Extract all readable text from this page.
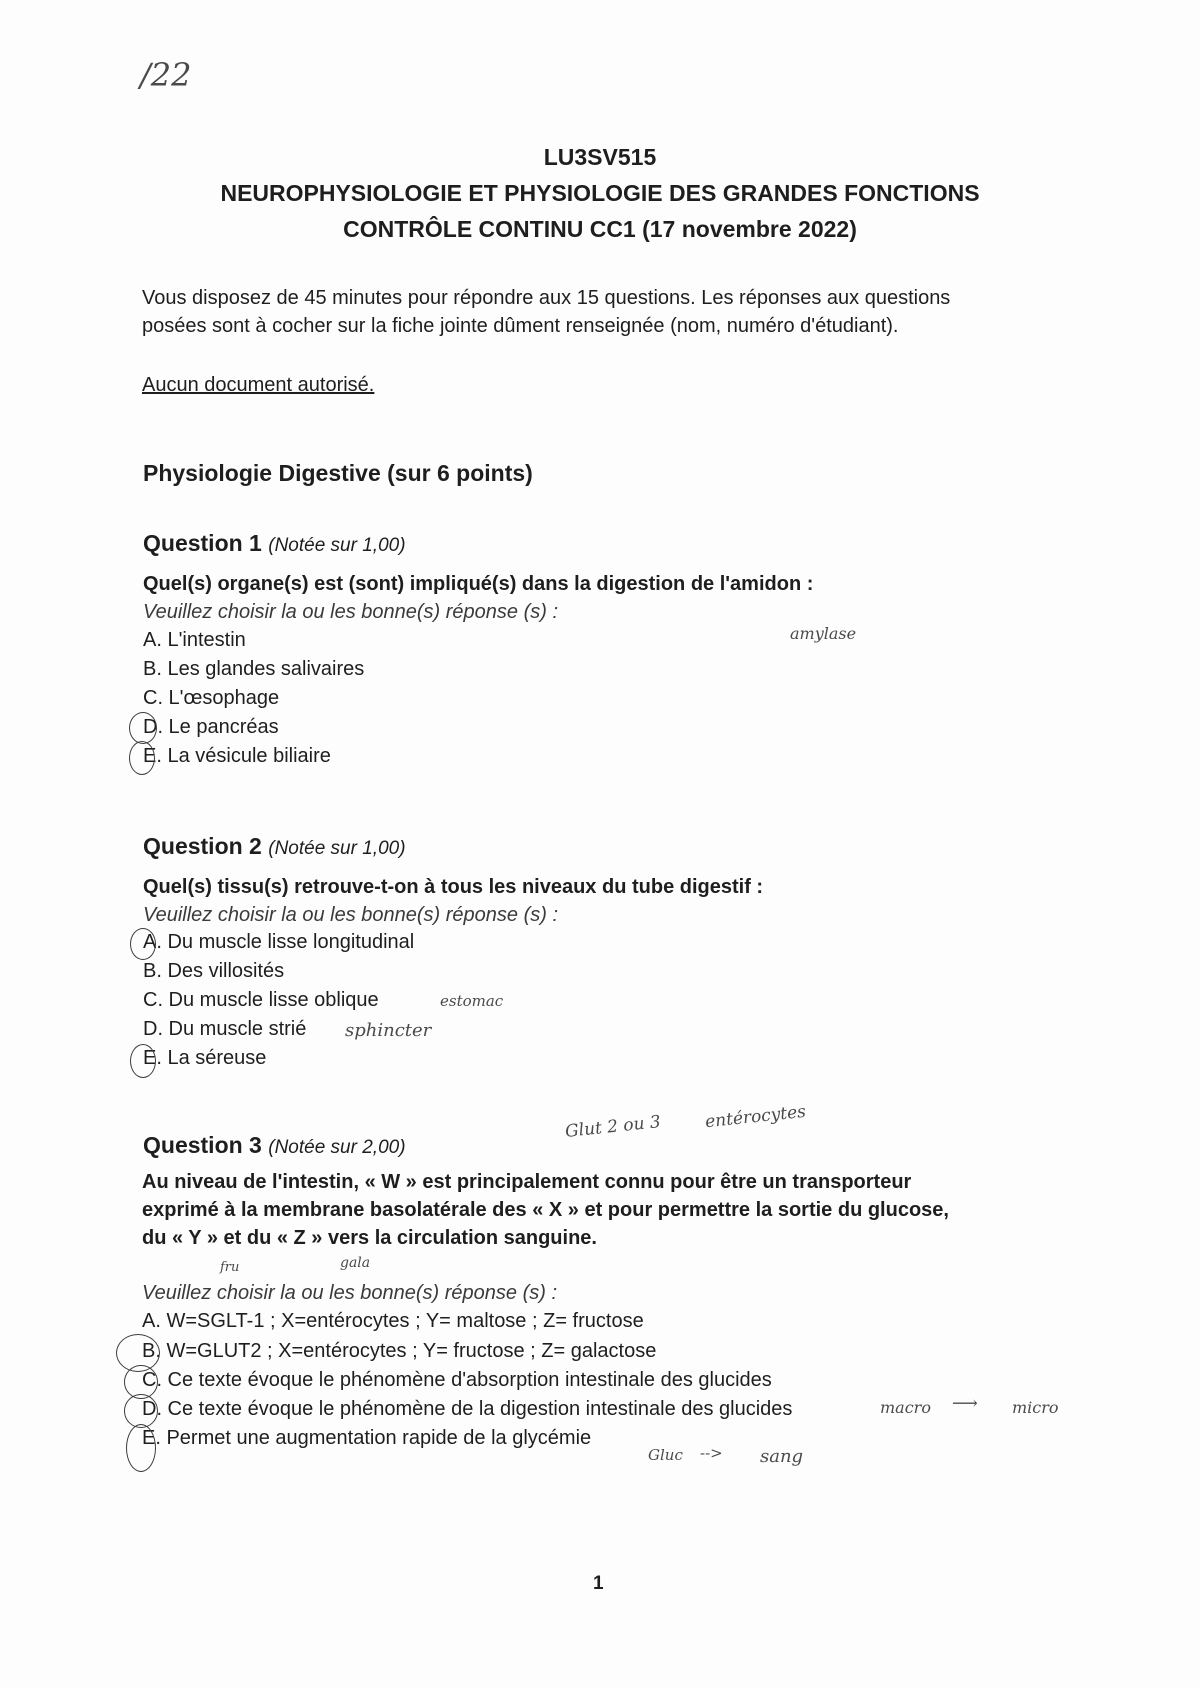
/22
LU3SV515
NEUROPHYSIOLOGIE ET PHYSIOLOGIE DES GRANDES FONCTIONS
CONTRÔLE CONTINU CC1 (17 novembre 2022)
Vous disposez de 45 minutes pour répondre aux 15 questions. Les réponses aux questions
posées sont à cocher sur la fiche jointe dûment renseignée (nom, numéro d'étudiant).
Aucun document autorisé.
Physiologie Digestive (sur 6 points)
Question 1 (Notée sur 1,00)
Quel(s) organe(s) est (sont) impliqué(s) dans la digestion de l'amidon :
Veuillez choisir la ou les bonne(s) réponse (s) :
A. L'intestin
B. Les glandes salivaires
C. L'œsophage
D. Le pancréas
E. La vésicule biliaire
amylase
Question 2 (Notée sur 1,00)
Quel(s) tissu(s) retrouve-t-on à tous les niveaux du tube digestif :
Veuillez choisir la ou les bonne(s) réponse (s) :
A. Du muscle lisse longitudinal
B. Des villosités
C. Du muscle lisse oblique
D. Du muscle strié
E. La séreuse
estomac
sphincter
Question 3 (Notée sur 2,00)
Glut 2 ou 3	entérocytes
Au niveau de l'intestin, « W » est principalement connu pour être un transporteur
exprimé à la membrane basolatérale des « X » et pour permettre la sortie du glucose,
du « Y » et du « Z » vers la circulation sanguine.
fru	gala
Veuillez choisir la ou les bonne(s) réponse (s) :
A. W=SGLT-1 ; X=entérocytes ; Y= maltose ; Z= fructose
B. W=GLUT2 ; X=entérocytes ; Y= fructose ; Z= galactose
C. Ce texte évoque le phénomène d'absorption intestinale des glucides
D. Ce texte évoque le phénomène de la digestion intestinale des glucides
E. Permet une augmentation rapide de la glycémie
macro ⟶ micro
Gluc --> sang
1
